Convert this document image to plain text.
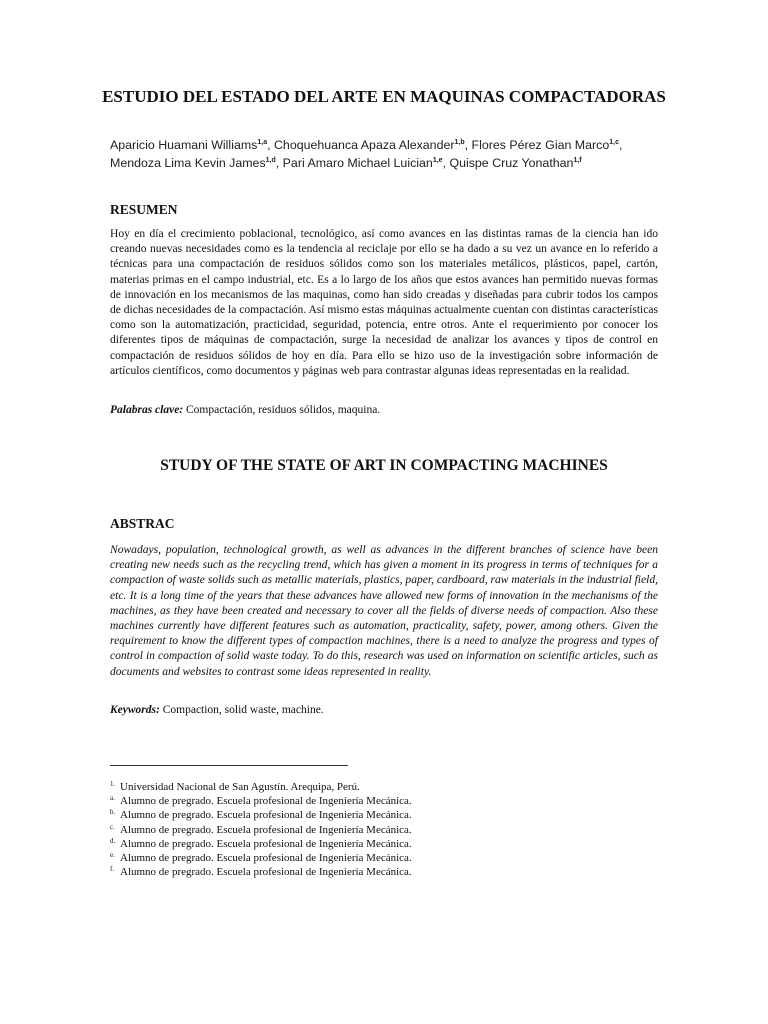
ESTUDIO DEL ESTADO DEL ARTE EN MAQUINAS COMPACTADORAS
Aparicio Huamani Williams$^{1,a}$, Choquehuanca Apaza Alexander$^{1,b}$, Flores Pérez Gian Marco$^{1,c}$,
Mendoza Lima Kevin James$^{1,d}$, Pari Amaro Michael Luician$^{1,e}$, Quispe Cruz Yonathan$^{1,f}$
RESUMEN

Hoy en día el crecimiento poblacional, tecnológico, así como avances en las distintas ramas de la ciencia han ido creando nuevas necesidades como es la tendencia al reciclaje por ello se ha dado a su vez un avance en lo referido a técnicas para una compactación de residuos sólidos como son los materiales metálicos, plásticos, papel, cartón, materias primas en el campo industrial, etc. Es a lo largo de los años que estos avances han permitido nuevas formas de innovación en los mecanismos de las maquinas, como han sido creadas y diseñadas para cubrir todos los campos de dichas necesidades de la compactación. Así mismo estas máquinas actualmente cuentan con distintas características como son la automatización, practicidad, seguridad, potencia, entre otros. Ante el requerimiento por conocer los diferentes tipos de máquinas de compactación, surge la necesidad de analizar los avances y tipos de control en compactación de residuos sólidos de hoy en día. Para ello se hizo uso de la investigación sobre información de artículos científicos, como documentos y páginas web para contrastar algunas ideas representadas en la realidad.

Palabras clave: Compactación, residuos sólidos, maquina.
STUDY OF THE STATE OF ART IN COMPACTING MACHINES
ABSTRAC

Nowadays, population, technological growth, as well as advances in the different branches of science have been creating new needs such as the recycling trend, which has given a moment in its progress in terms of techniques for a compaction of waste solids such as metallic materials, plastics, paper, cardboard, raw materials in the industrial field, etc. It is a long time of the years that these advances have allowed new forms of innovation in the mechanisms of the machines, as they have been created and necessary to cover all the fields of diverse needs of compaction. Also these machines currently have different features such as automation, practicality, safety, power, among others. Given the requirement to know the different types of compaction machines, there is a need to analyze the progress and types of control in compaction of solid waste today. To do this, research was used on information on scientific articles, such as documents and websites to contrast some ideas represented in reality.

Keywords: Compaction, solid waste, machine.
1. Universidad Nacional de San Agustín. Arequipa, Perú.
a. Alumno de pregrado. Escuela profesional de Ingeniería Mecánica.
b. Alumno de pregrado. Escuela profesional de Ingeniería Mecánica.
c. Alumno de pregrado. Escuela profesional de Ingeniería Mecánica.
d. Alumno de pregrado. Escuela profesional de Ingeniería Mecánica.
e. Alumno de pregrado. Escuela profesional de Ingeniería Mecánica.
f. Alumno de pregrado. Escuela profesional de Ingeniería Mecánica.
